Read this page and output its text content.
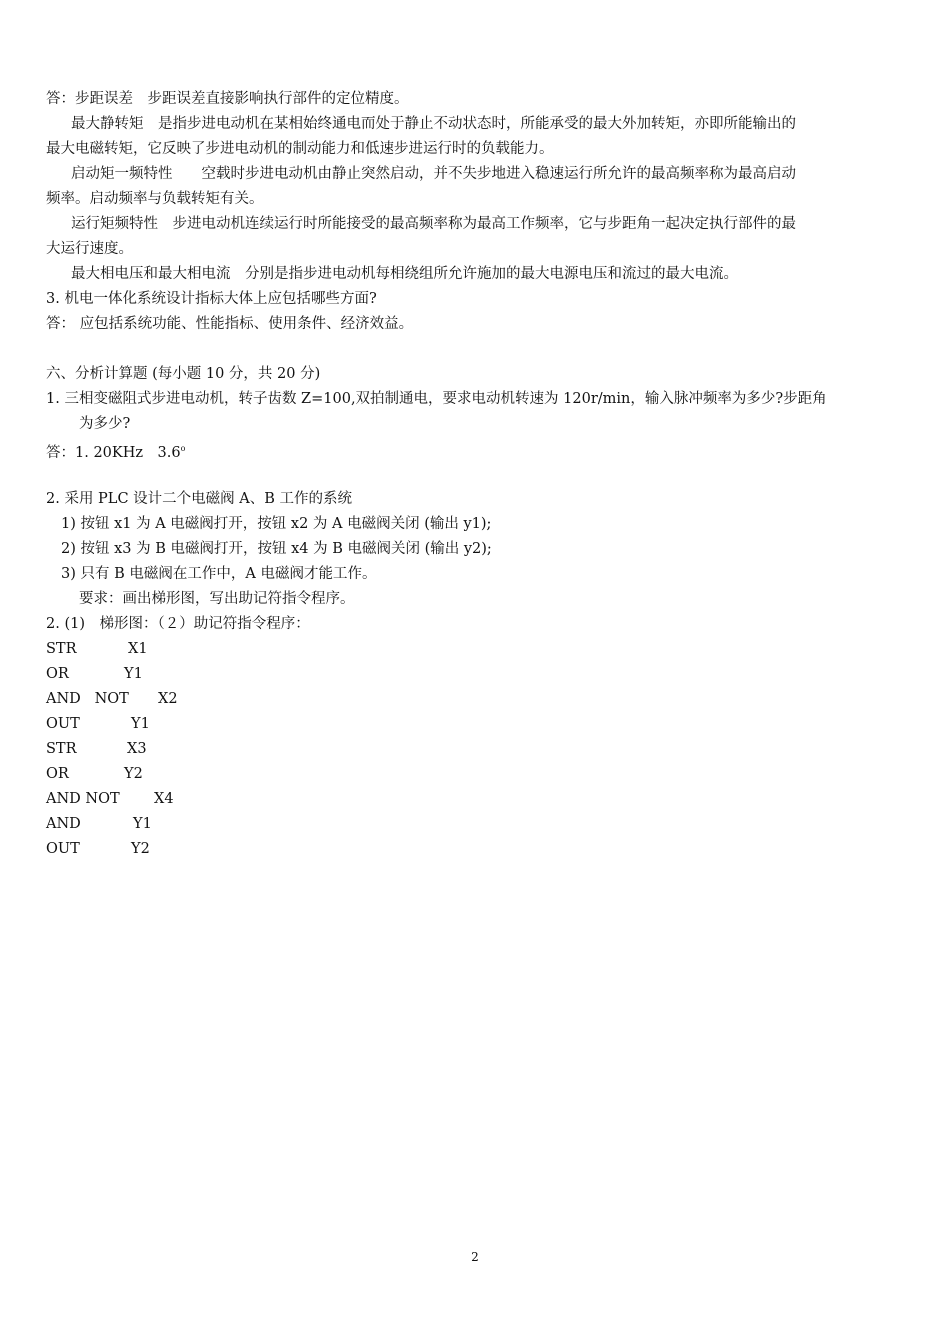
答：步距误差　步距误差直接影响执行部件的定位精度。
最大静转矩　是指步进电动机在某相始终通电而处于静止不动状态时，所能承受的最大外加转矩，亦即所能输出的
最大电磁转矩，它反映了步进电动机的制动能力和低速步进运行时的负载能力。
启动矩一频特性　　空载时步进电动机由静止突然启动，并不失步地进入稳速运行所允许的最高频率称为最高启动
频率。启动频率与负载转矩有关。
运行矩频特性　步进电动机连续运行时所能接受的最高频率称为最高工作频率，它与步距角一起决定执行部件的最
大运行速度。
最大相电压和最大相电流　分别是指步进电动机每相绕组所允许施加的最大电源电压和流过的最大电流。
3. 机电一体化系统设计指标大体上应包括哪些方面?
答： 应包括系统功能、性能指标、使用条件、经济效益。
六、分析计算题 (每小题 10 分，共 20 分)
1. 三相变磁阻式步进电动机，转子齿数 Z=100,双拍制通电，要求电动机转速为 120r/min，输入脉冲频率为多少?步距角
为多少?
答：1. 20KHz　3.6$^o$
2. 采用 PLC 设计二个电磁阀 A、B 工作的系统
1) 按钮 x1 为 A 电磁阀打开，按钮 x2 为 A 电磁阀关闭 (输出 y1);
2) 按钮 x3 为 B 电磁阀打开，按钮 x4 为 B 电磁阀关闭 (输出 y2);
3) 只有 B 电磁阀在工作中，A 电磁阀才能工作。
要求：画出梯形图，写出助记符指令程序。
2. (1)　梯形图：（２）助记符指令程序：
STR	X1
OR	Y1
AND   NOT X2
OUT	Y1
STR	X3
OR	Y2
AND NOT X4
AND	Y1
OUT	Y2
2
